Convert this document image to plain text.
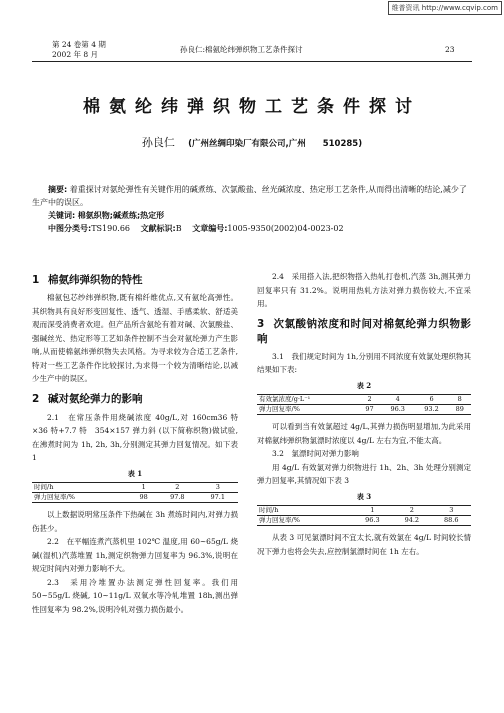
维普资讯 http://www.cqvip.com
第 24 卷第 4 期
2002 年 8 月
孙良仁:棉氨纶纬弹织物工艺条件探讨	23
棉氨纶纬弹织物工艺条件探讨
孙良仁 (广州丝绸印染厂有限公司,广州　　510285)
摘要: 着重探讨对氨纶弹性有关键作用的碱煮练、次氯酸盐、丝光碱浓度、热定形工艺条件,从而得出清晰的结论,减少了生产中的误区。
关键词: 棉氨织物;碱煮练;热定形
中图分类号:TS190.66 文献标识:B 文章编号:1005-9350(2002)04-0023-02
1 棉氨纬弹织物的特性
棉氨包芯纱纬弹织物,既有棉纤维优点,又有氨纶高弹性。其织物具有良好形变回复性、透气、透湿、手感柔软、舒适美观而深受消费者欢迎。但产品所含氨纶有着对碱、次氯酸盐、强碱丝光、热定形等工艺如条件控制不当会对氨纶弹力产生影响,从而使棉氨纬弹织物失去风格。为寻求较为合适工艺条件,特对一些工艺条件作比较探讨,为求得一个较为清晰结论,以减少生产中的误区。
2 碱对氨纶弹力的影响
2.1　在常压条件用烧碱浓度 40g/L,对 160cm36 特×36 特+7.7 特　354×157 弹力斜 (以下简称织物)做试验,在沸煮时间为 1h, 2h, 3h,分别测定其弹力回复情况。如下表 1
表 1
时间/h	1	2	3
弹力回复率/%	98	97.8	97.1
以上数据说明常压条件下热碱在 3h 煮练时间内,对弹力损伤甚少。
2.2　在平幅连煮汽蒸机里 102℃ 温度,用 60~65g/L 烧碱(湿机)汽蒸堆置 1h,测定织物弹力回复率为 96.3%,说明在规定时间内对弹力影响不大。
2.3　采用冷堆置办法测定弹性回复率。我们用 50~55g/L 烧碱, 10~11g/L 双氧水等冷轧堆置 18h,测出弹性回复率为 98.2%,说明冷轧对强力损伤最小。
2.4　采用搭入法,把织物搭入热轧打卷机,汽蒸 3h,测其弹力回复率只有 31.2%。说明用热轧方法对弹力损伤较大,不宜采用。
3 次氯酸钠浓度和时间对棉氨纶弹力织物影响
3.1　我们规定时间为 1h,分别用不同浓度有效氯处理织物其结果如下表:
表 2
有效氯浓度/g·L⁻¹	2	4	6	8
弹力回复率/%	97	96.3	93.2	89
可以看到当有效氯超过 4g/L,其弹力损伤明显增加,为此采用对棉氨纬弹织物氯漂时浓度以 4g/L 左右为宜,不能太高。
3.2　氯漂时间对弹力影响
用 4g/L 有效氯对弹力织物进行 1h、2h、3h 处理分别测定弹力回复率,其情况如下表 3
表 3
时间/h	1	2	3
弹力回复率/%	96.3	94.2	88.6
从表 3 可见氯漂时间不宜太长,就有效氯在 4g/L 时间较长情况下弹力也将会失去,应控制氯漂时间在 1h 左右。
